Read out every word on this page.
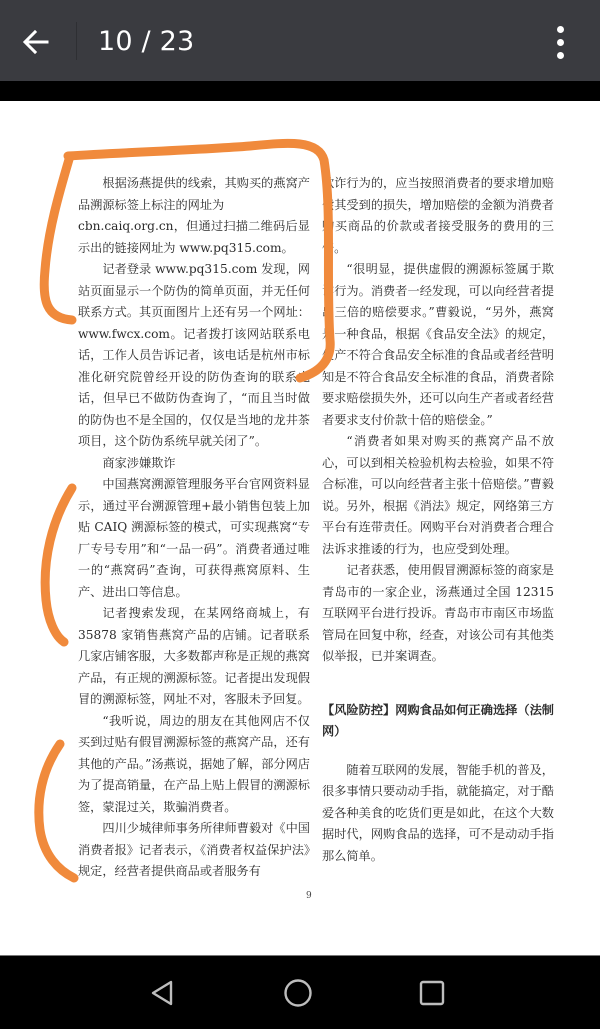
10 / 23

根据汤燕提供的线索，其购买的燕窝产品溯源标签上标注的网址为

cbn.caiq.org.cn，但通过扫描二维码后显示出的链接网址为 www.pq315.com。

记者登录 www.pq315.com 发现，网站页面显示一个防伪的简单页面，并无任何联系方式。其页面图片上还有另一个网址：www.fwcx.com。记者拨打该网站联系电话，工作人员告诉记者，该电话是杭州市标准化研究院曾经开设的防伪查询的联系电话，但早已不做防伪查询了，“而且当时做的防伪也不是全国的，仅仅是当地的龙井茶项目，这个防伪系统早就关闭了”。

商家涉嫌欺诈

中国燕窝溯源管理服务平台官网资料显示，通过平台溯源管理+最小销售包装上加贴 CAIQ 溯源标签的模式，可实现燕窝“专厂专号专用”和“一品一码”。消费者通过唯一的“燕窝码”查询，可获得燕窝原料、生产、进出口等信息。

记者搜索发现，在某网络商城上，有 35878 家销售燕窝产品的店铺。记者联系几家店铺客服，大多数都声称是正规的燕窝产品，有正规的溯源标签。记者提出发现假冒的溯源标签，网址不对，客服未予回复。

“我听说，周边的朋友在其他网店不仅买到过贴有假冒溯源标签的燕窝产品，还有其他的产品。”汤燕说，据她了解，部分网店为了提高销量，在产品上贴上假冒的溯源标签，蒙混过关，欺骗消费者。

四川少城律师事务所律师曹毅对《中国消费者报》记者表示，《消费者权益保护法》规定，经营者提供商品或者服务有

欺诈行为的，应当按照消费者的要求增加赔偿其受到的损失，增加赔偿的金额为消费者购买商品的价款或者接受服务的费用的三倍。

“很明显，提供虚假的溯源标签属于欺诈行为。消费者一经发现，可以向经营者提出三倍的赔偿要求。”曹毅说，“另外，燕窝是一种食品，根据《食品安全法》的规定，生产不符合食品安全标准的食品或者经营明知是不符合食品安全标准的食品，消费者除要求赔偿损失外，还可以向生产者或者经营者要求支付价款十倍的赔偿金。”

“消费者如果对购买的燕窝产品不放心，可以到相关检验机构去检验，如果不符合标准，可以向经营者主张十倍赔偿。”曹毅说。另外，根据《消法》规定，网络第三方平台有连带责任。网购平台对消费者合理合法诉求推诿的行为，也应受到处理。

记者获悉，使用假冒溯源标签的商家是青岛市的一家企业，汤燕通过全国 12315 互联网平台进行投诉。青岛市市南区市场监管局在回复中称，经查，对该公司有其他类似举报，已并案调查。

【风险防控】网购食品如何正确选择（法制网）

随着互联网的发展，智能手机的普及，很多事情只要动动手指，就能搞定，对于酷爱各种美食的吃货们更是如此，在这个大数据时代，网购食品的选择，可不是动动手指那么简单。

9
